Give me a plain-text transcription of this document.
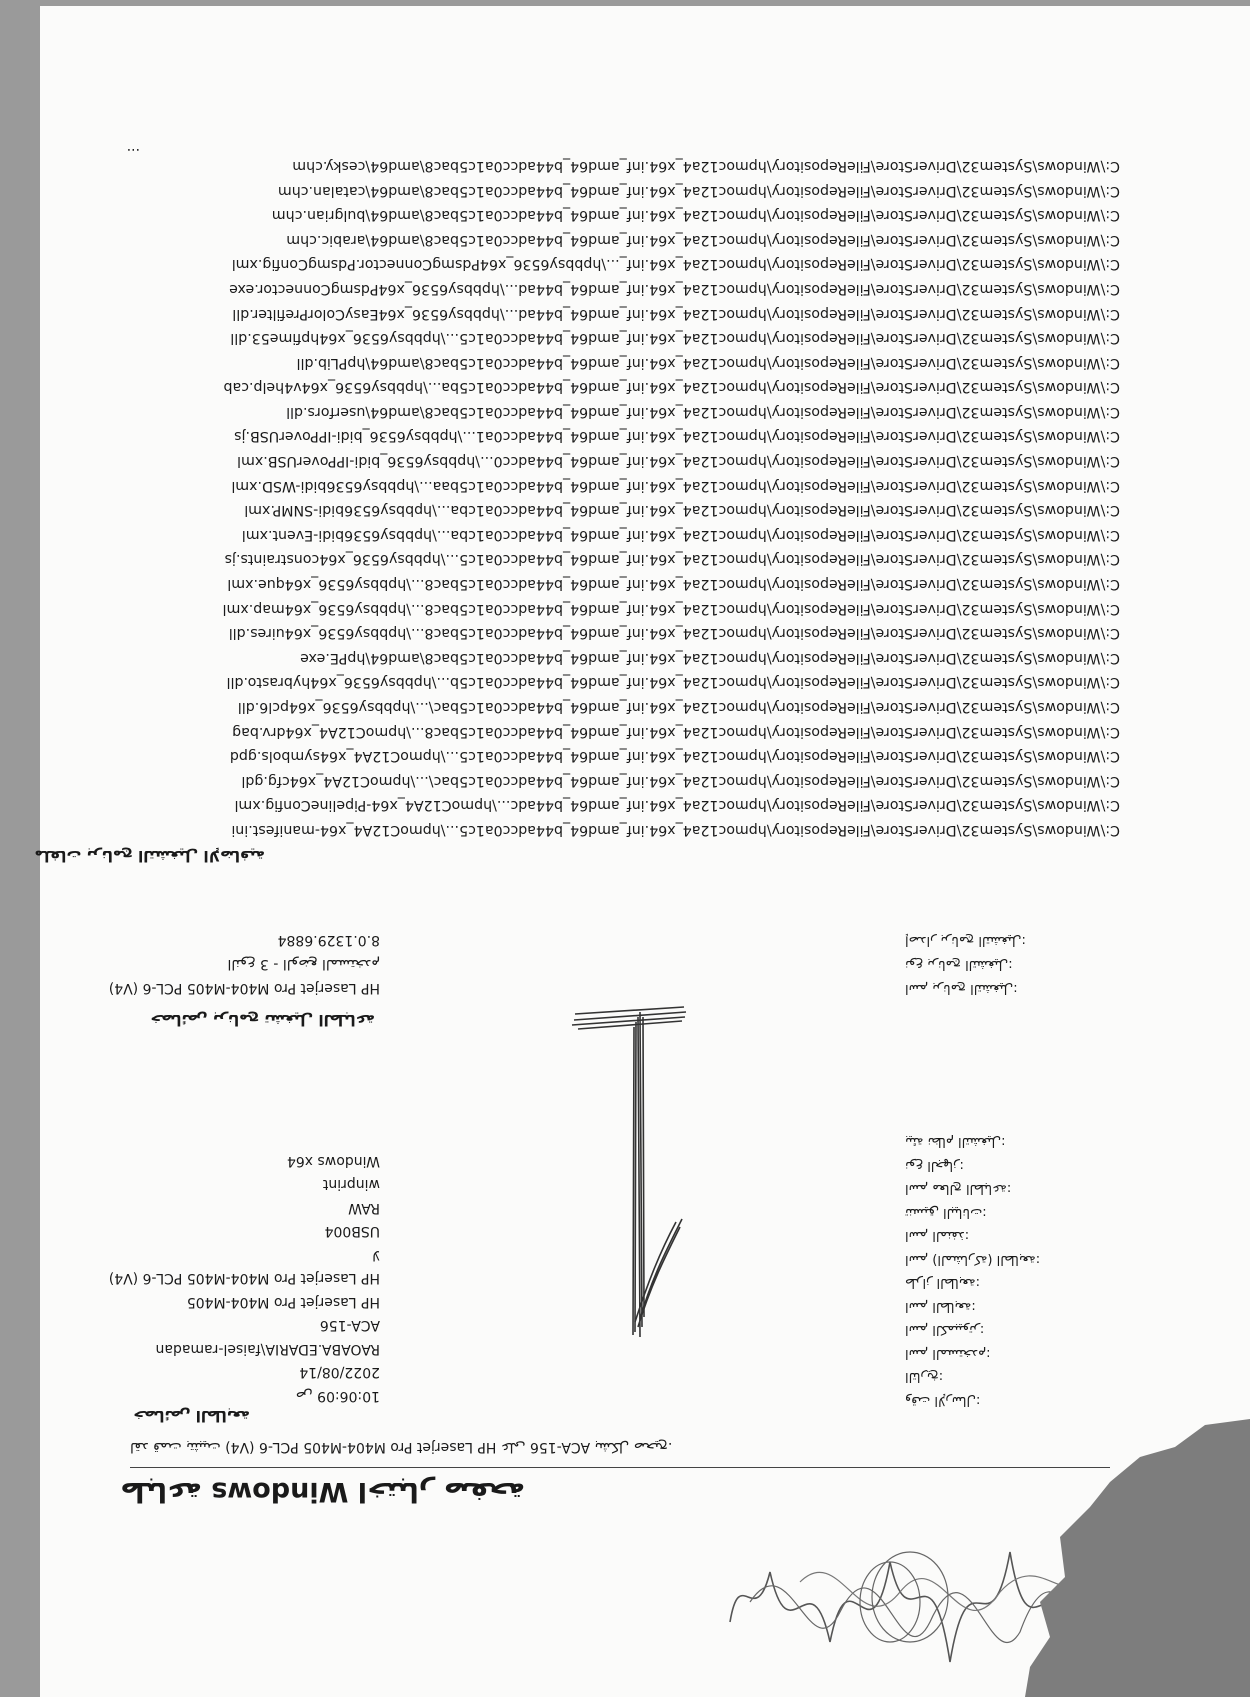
طباعة Windows اختبار صفحة
لقد قمت بتثبيت HP Laserjet Pro M404-M405 PCL-6 (V4) على ACA-156 بشكل صحيح.
خصائص الطابعة
وقت الإرسال:
التاريخ:
اسم المستخدم:
اسم الكمبيوتر:
اسم الطابعة:
طراز الطابعة:
اسم (المشاركة) الطابعة:
اسم المنفذ:
تنسيق البيانات:
اسم معالج الطباعة:
نوع الجهاز:
بيئة نظام التشغيل:
10:06:09 ص
2022/08/14
RAOABA.EDARIA\faisel-ramadan
ACA-156
HP Laserjet Pro M404-M405
HP Laserjet Pro M404-M405 PCL-6 (V4)
لا
USB004
RAW
winprint
Windows x64
خصائص برنامج تشغيل الطباعة
اسم برنامج التشغيل:
نوع برنامج التشغيل:
إصدار برنامج التشغيل:
HP Laserjet Pro M404-M405 PCL-6 (V4)
النوع 3 - الوضع المستخدم
8.0.1329.6884
ملفات برنامج التشغيل الإضافية
C:\Windows\System32\DriverStore\FileRepository\hpmoc12a4_x64.inf_amd64_b44adcc0a1c5...\hpmoC12A4_x64-manifest.ini
C:\Windows\System32\DriverStore\FileRepository\hpmoc12a4_x64.inf_amd64_b44adc...\hpmoC12A4_x64-PipelineConfig.xml
C:\Windows\System32\DriverStore\FileRepository\hpmoc12a4_x64.inf_amd64_b44adcc0a1c5bac\...\hpmoC12A4_x64cfg.gdl
C:\Windows\System32\DriverStore\FileRepository\hpmoc12a4_x64.inf_amd64_b44adcc0a1c5...\hpmoC12A4_x64symbols.gpd
C:\Windows\System32\DriverStore\FileRepository\hpmoc12a4_x64.inf_amd64_b44adcc0a1c5bac8...\hpmoC12A4_x64drv.bag
C:\Windows\System32\DriverStore\FileRepository\hpmoc12a4_x64.inf_amd64_b44adcc0a1c5bac\...\hpbbsy6536_x64pcl6.dll
C:\Windows\System32\DriverStore\FileRepository\hpmoc12a4_x64.inf_amd64_b44adcc0a1c5b...\hpbbsy6536_x64hybrasto.dll
C:\Windows\System32\DriverStore\FileRepository\hpmoc12a4_x64.inf_amd64_b44adcc0a1c5bac8\amd64\hpPE.exe
C:\Windows\System32\DriverStore\FileRepository\hpmoc12a4_x64.inf_amd64_b44adcc0a1c5bac8...\hpbbsy6536_x64uires.dll
C:\Windows\System32\DriverStore\FileRepository\hpmoc12a4_x64.inf_amd64_b44adcc0a1c5bac8...\hpbbsy6536_x64map.xml
C:\Windows\System32\DriverStore\FileRepository\hpmoc12a4_x64.inf_amd64_b44adcc0a1c5bac8...\hpbbsy6536_x64que.xml
C:\Windows\System32\DriverStore\FileRepository\hpmoc12a4_x64.inf_amd64_b44adcc0a1c5...\hpbbsy6536_x64constraints.js
C:\Windows\System32\DriverStore\FileRepository\hpmoc12a4_x64.inf_amd64_b44adcc0a1cba...\hpbbsy6536bidi-Event.xml
C:\Windows\System32\DriverStore\FileRepository\hpmoc12a4_x64.inf_amd64_b44adcc0a1cba...\hpbbsy6536bidi-SNMP.xml
C:\Windows\System32\DriverStore\FileRepository\hpmoc12a4_x64.inf_amd64_b44adcc0a1c5baa...\hpbbsy6536bidi-WSD.xml
C:\Windows\System32\DriverStore\FileRepository\hpmoc12a4_x64.inf_amd64_b44adcc0...\hpbbsy6536_bidi-IPPoverUSB.xml
C:\Windows\System32\DriverStore\FileRepository\hpmoc12a4_x64.inf_amd64_b44adcc0a1...\hpbbsy6536_bidi-IPPoverUSB.js
C:\Windows\System32\DriverStore\FileRepository\hpmoc12a4_x64.inf_amd64_b44adcc0a1c5bac8\amd64\userfors.dll
C:\Windows\System32\DriverStore\FileRepository\hpmoc12a4_x64.inf_amd64_b44adcc0a1c5ba...\hpbbsy6536_x64v4help.cab
C:\Windows\System32\DriverStore\FileRepository\hpmoc12a4_x64.inf_amd64_b44adcc0a1c5bac8\amd64\hpPLib.dll
C:\Windows\System32\DriverStore\FileRepository\hpmoc12a4_x64.inf_amd64_b44adcc0a1c5...\hpbbsy6536_x64hpfime53.dll
C:\Windows\System32\DriverStore\FileRepository\hpmoc12a4_x64.inf_amd64_b44ad...\hpbbsy6536_x64EasyColorPrefilter.dll
C:\Windows\System32\DriverStore\FileRepository\hpmoc12a4_x64.inf_amd64_b44ad...\hpbbsy6536_x64PdsmgConnector.exe
C:\Windows\System32\DriverStore\FileRepository\hpmoc12a4_x64.inf_...\hpbbsy6536_x64PdsmgConnector.PdsmgConfig.xml
C:\Windows\System32\DriverStore\FileRepository\hpmoc12a4_x64.inf_amd64_b44adcc0a1c5bac8\amd64\arabic.chm
C:\Windows\System32\DriverStore\FileRepository\hpmoc12a4_x64.inf_amd64_b44adcc0a1c5bac8\amd64\bulgrian.chm
C:\Windows\System32\DriverStore\FileRepository\hpmoc12a4_x64.inf_amd64_b44adcc0a1c5bac8\amd64\catalan.chm
C:\Windows\System32\DriverStore\FileRepository\hpmoc12a4_x64.inf_amd64_b44adcc0a1c5bac8\amd64\cesky.chm
...
